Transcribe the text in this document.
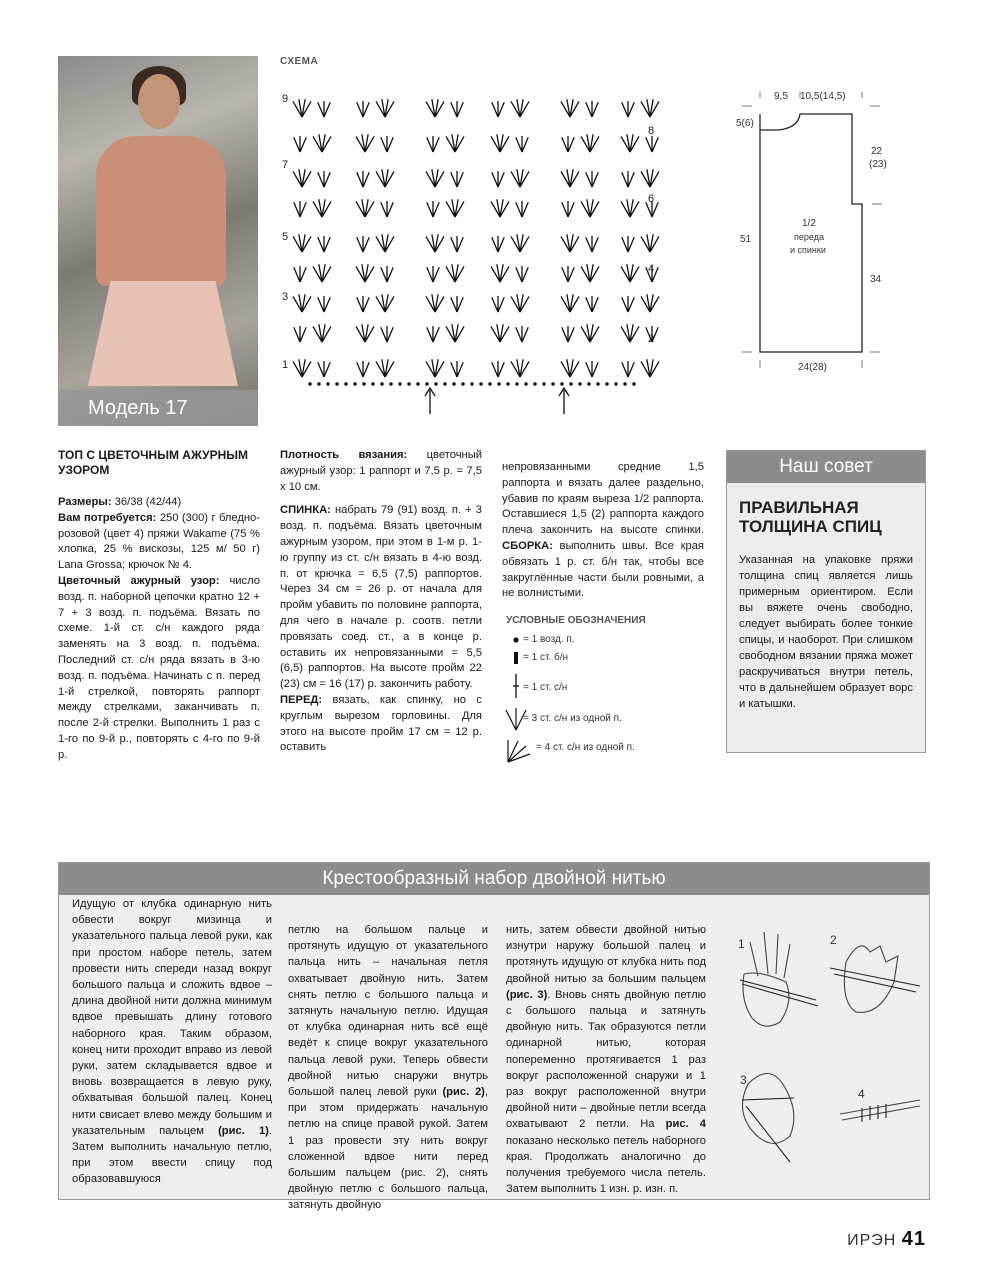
Модель 17
СХЕМА
9
7
5
3
1
8
6
4
2
9,5 10,5(14,5)
5(6)
22
(23)
51
34
24(28)
1/2
переда
и спинки
ТОП С ЦВЕТОЧНЫМ АЖУРНЫМ УЗОРОМ
Размеры: 36/38 (42/44)
Вам потребуется: 250 (300) г бледно-розовой (цвет 4) пряжи Wakame (75 % хлопка, 25 % вискозы, 125 м/ 50 г) Lana Grossa; крючок № 4.
Цветочный ажурный узор: число возд. п. наборной цепочки кратно 12 + 7 + 3 возд. п. подъёма. Вязать по схеме. 1-й ст. с/н каждого ряда заменять на 3 возд. п. подъёма. Последний ст. с/н ряда вязать в 3-ю возд. п. подъёма. Начинать с п. перед 1-й стрелкой, повторять раппорт между стрелками, заканчивать п. после 2-й стрелки. Выполнить 1 раз с 1-го по 9-й р., повторять с 4-го по 9-й р.
Плотность вязания: цветочный ажурный узор: 1 раппорт и 7,5 р. = 7,5 х 10 см.
СПИНКА: набрать 79 (91) возд. п. + 3 возд. п. подъёма. Вязать цветочным ажурным узором, при этом в 1-м р. 1-ю группу из ст. с/н вязать в 4-ю возд. п. от крючка = 6,5 (7,5) раппортов. Через 34 см = 26 р. от начала для пройм убавить по половине раппорта, для чего в начале р. соотв. петли провязать соед. ст., а в конце р. оставить их непровязанными = 5,5 (6,5) раппортов. На высоте пройм 22 (23) см = 16 (17) р. закончить работу.
ПЕРЕД: вязать, как спинку, но с круглым вырезом горловины. Для этого на высоте пройм 17 см = 12 р. оставить
непровязанными средние 1,5 раппорта и вязать далее раздельно, убавив по краям выреза 1/2 раппорта. Оставшиеся 1,5 (2) раппорта каждого плеча закончить на высоте спинки. СБОРКА: выполнить швы. Все края обвязать 1 р. ст. б/н так, чтобы все закруглённые части были ровными, а не волнистыми.
УСЛОВНЫЕ ОБОЗНАЧЕНИЯ
= 1 возд. п.
= 1 ст. б/н
= 1 ст. с/н
= 3 ст. с/н из одной п.
= 4 ст. с/н из одной п.
Наш совет
ПРАВИЛЬНАЯ ТОЛЩИНА СПИЦ
Указанная на упаковке пряжи толщина спиц является лишь примерным ориентиром. Если вы вяжете очень свободно, следует выбирать более тонкие спицы, и наоборот. При слишком свободном вязании пряжа может раскручиваться внутри петель, что в дальнейшем образует ворс и катышки.
Крестообразный набор двойной нитью
Идущую от клубка одинарную нить обвести вокруг мизинца и указательного пальца левой руки, как при простом наборе петель, затем провести нить спереди назад вокруг большого пальца и сложить вдвое – длина двойной нити должна минимум вдвое превышать длину готового наборного края. Таким образом, конец нити проходит вправо из левой руки, затем складывается вдвое и вновь возвращается в левую руку, обхватывая большой палец. Конец нити свисает влево между большим и указательным пальцем (рис. 1). Затем выполнить начальную петлю, при этом ввести спицу под образовавшуюся
петлю на большом пальце и протянуть идущую от указательного пальца нить – начальная петля охватывает двойную нить. Затем снять петлю с большого пальца и затянуть начальную петлю. Идущая от клубка одинарная нить всё ещё ведёт к спице вокруг указательного пальца левой руки. Теперь обвести двойной нитью снаружи внутрь большой палец левой руки (рис. 2), при этом придержать начальную петлю на спице правой рукой. Затем 1 раз провести эту нить вокруг сложенной вдвое нити перед большим пальцем (рис. 2), снять двойную петлю с большого пальца, затянуть двойную
нить, затем обвести двойной нитью изнутри наружу большой палец и протянуть идущую от клубка нить под двойной нитью за большим пальцем (рис. 3). Вновь снять двойную петлю с большого пальца и затянуть двойную нить. Так образуются петли одинарной нитью, которая попеременно протягивается 1 раз вокруг расположенной снаружи и 1 раз вокруг расположенной внутри двойной нити – двойные петли всегда охватывают 2 петли. На рис. 4 показано несколько петель наборного края. Продолжать аналогично до получения требуемого числа петель. Затем выполнить 1 изн. р. изн. п.
1	2
3
4
ИРЭН 41
